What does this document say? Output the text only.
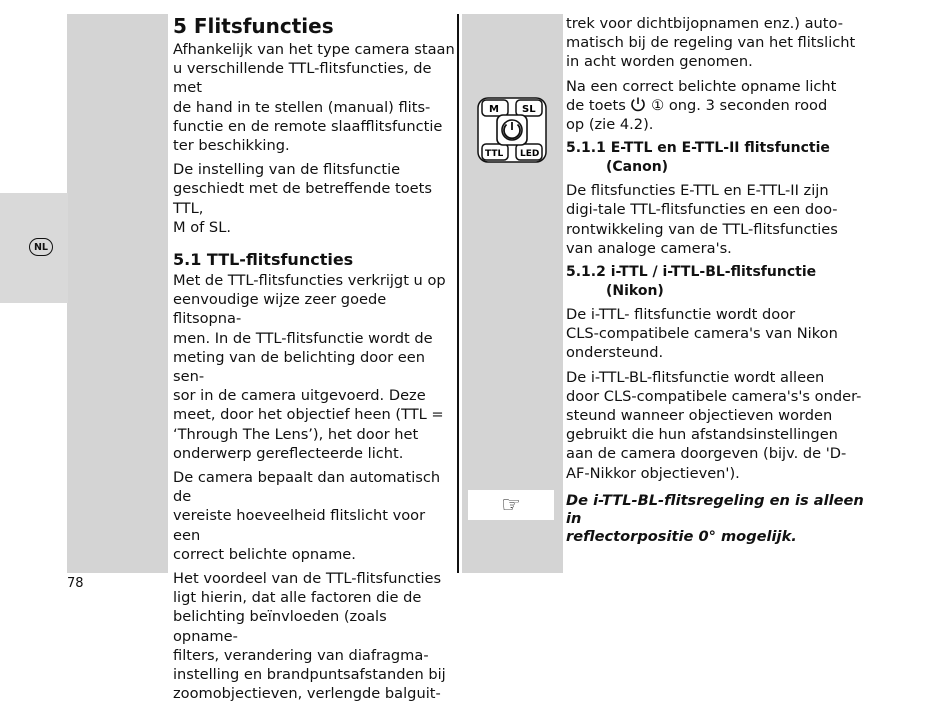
NL
M SL
TTL LED
☞
5 Flitsfuncties

Afhankelijk van het type camera staan
u verschillende TTL-flitsfuncties, de met
de hand in te stellen (manual) flits-
functie en de remote slaafflitsfunctie
ter beschikking.

De instelling van de flitsfunctie
geschiedt met de betreffende toets TTL,
M of SL.

5.1 TTL-flitsfuncties

Met de TTL-flitsfuncties verkrijgt u op
eenvoudige wijze zeer goede flitsopna-
men. In de TTL-flitsfunctie wordt de
meting van de belichting door een sen-
sor in de camera uitgevoerd. Deze
meet, door het objectief heen (TTL =
‘Through The Lens’), het door het
onderwerp gereflecteerde licht.

De camera bepaalt dan automatisch de
vereiste hoeveelheid flitslicht voor een
correct belichte opname.

Het voordeel van de TTL-flitsfuncties
ligt hierin, dat alle factoren die de
belichting beïnvloeden (zoals opname-
filters, verandering van diafragma-
instelling en brandpuntsafstanden bij
zoomobjectieven, verlengde balguit-

trek voor dichtbijopnamen enz.) auto-
matisch bij de regeling van het flitslicht
in acht worden genomen.

Na een correct belichte opname licht
de toets ① ong. 3 seconden rood
op (zie 4.2).

5.1.1 E-TTL en E-TTL-II flitsfunctie
(Canon)

De flitsfuncties E-TTL en E-TTL-II zijn
digi-tale TTL-flitsfuncties en een doo-
rontwikkeling van de TTL-flitsfuncties
van analoge camera's.

5.1.2 i-TTL / i-TTL-BL-flitsfunctie
(Nikon)

De i-TTL- flitsfunctie wordt door
CLS-compatibele camera's van Nikon
ondersteund.

De i-TTL-BL-flitsfunctie wordt alleen
door CLS-compatibele camera's's onder-
steund wanneer objectieven worden
gebruikt die hun afstandsinstellingen
aan de camera doorgeven (bijv. de 'D-
AF-Nikkor objectieven').

De i-TTL-BL-flitsregeling en is alleen in
reflectorpositie 0° mogelijk.

78
